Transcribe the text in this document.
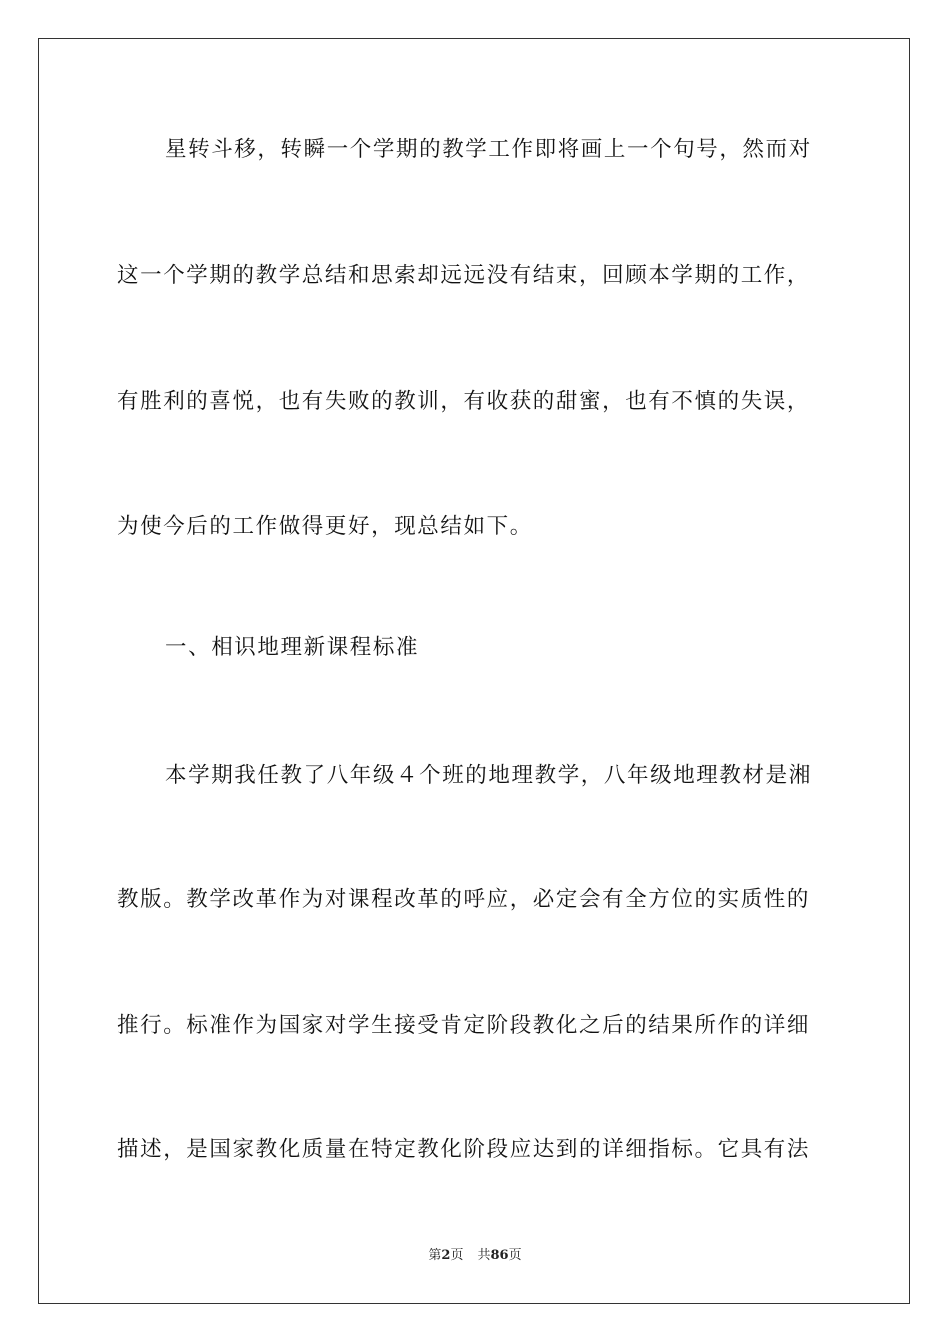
星转斗移，转瞬一个学期的教学工作即将画上一个句号，然而对
这一个学期的教学总结和思索却远远没有结束，回顾本学期的工作，
有胜利的喜悦，也有失败的教训，有收获的甜蜜，也有不慎的失误，
为使今后的工作做得更好，现总结如下。
一、相识地理新课程标准
本学期我任教了八年级４个班的地理教学，八年级地理教材是湘
教版。教学改革作为对课程改革的呼应，必定会有全方位的实质性的
推行。标准作为国家对学生接受肯定阶段教化之后的结果所作的详细
描述，是国家教化质量在特定教化阶段应达到的详细指标。它具有法
第2页 共86页
